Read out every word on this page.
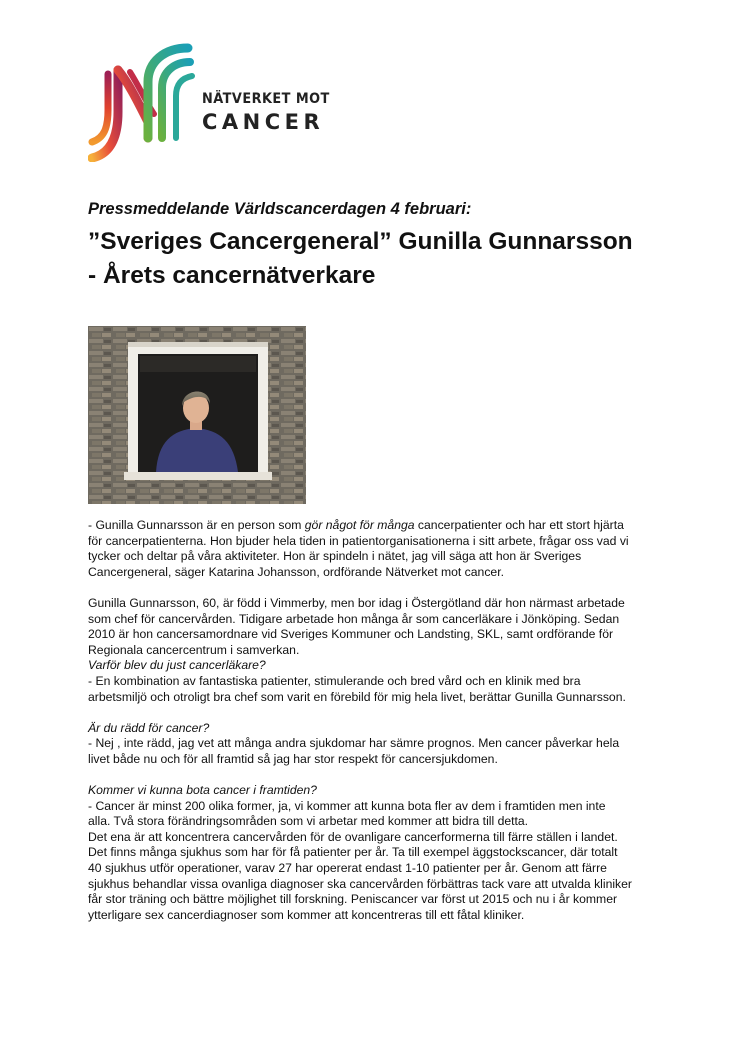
NÄTVERKET MOT
CANCER
Pressmeddelande Världscancerdagen 4 februari:
”Sveriges Cancergeneral” Gunilla Gunnarsson
- Årets cancernätverkare
- Gunilla Gunnarsson är en person som gör något för många cancerpatienter och har ett stort hjärta
för cancerpatienterna. Hon bjuder hela tiden in patientorganisationerna i sitt arbete, frågar oss vad vi
tycker och deltar på våra aktiviteter. Hon är spindeln i nätet, jag vill säga att hon är Sveriges
Cancergeneral, säger Katarina Johansson, ordförande Nätverket mot cancer.
Gunilla Gunnarsson, 60, är född i Vimmerby, men bor idag i Östergötland där hon närmast arbetade
som chef för cancervården. Tidigare arbetade hon många år som cancerläkare i Jönköping. Sedan
2010 är hon cancersamordnare vid Sveriges Kommuner och Landsting, SKL, samt ordförande för
Regionala cancercentrum i samverkan.
Varför blev du just cancerläkare?
- En kombination av fantastiska patienter, stimulerande och bred vård och en klinik med bra
arbetsmiljö och otroligt bra chef som varit en förebild för mig hela livet, berättar Gunilla Gunnarsson.
Är du rädd för cancer?
- Nej , inte rädd, jag vet att många andra sjukdomar har sämre prognos. Men cancer påverkar hela
livet både nu och för all framtid så jag har stor respekt för cancersjukdomen.
Kommer vi kunna bota cancer i framtiden?
- Cancer är minst 200 olika former, ja, vi kommer att kunna bota fler av dem i framtiden men inte
alla. Två stora förändringsområden som vi arbetar med kommer att bidra till detta.
Det ena är att koncentrera cancervården för de ovanligare cancerformerna till färre ställen i landet.
Det finns många sjukhus som har för få patienter per år. Ta till exempel äggstockscancer, där totalt
40 sjukhus utför operationer, varav 27 har opererat endast 1-10 patienter per år. Genom att färre
sjukhus behandlar vissa ovanliga diagnoser ska cancervården förbättras tack vare att utvalda kliniker
får stor träning och bättre möjlighet till forskning. Peniscancer var först ut 2015 och nu i år kommer
ytterligare sex cancerdiagnoser som kommer att koncentreras till ett fåtal kliniker.
